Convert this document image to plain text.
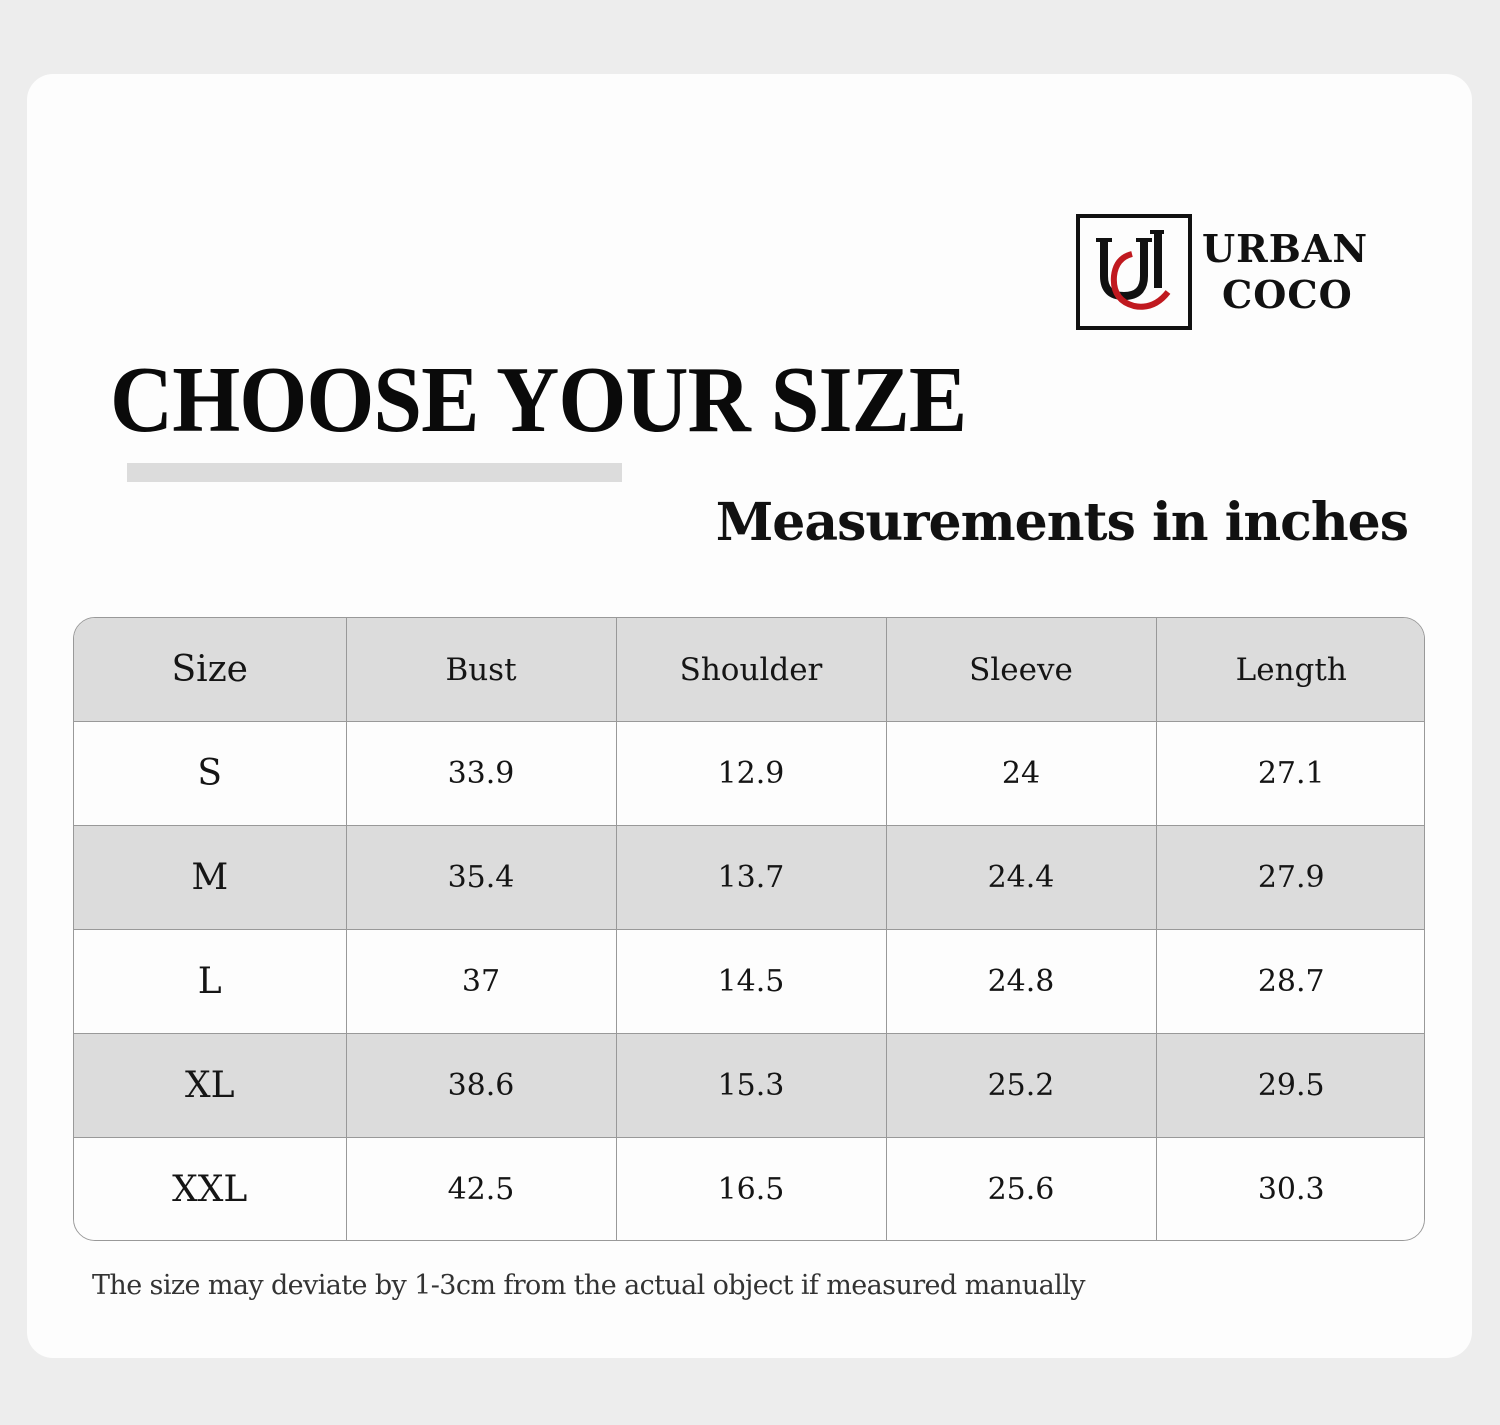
URBAN
COCO
CHOOSE YOUR SIZE
Measurements in inches
Size	Bust	Shoulder	Sleeve	Length
S	33.9	12.9	24	27.1
M	35.4	13.7	24.4	27.9
L	37	14.5	24.8	28.7
XL	38.6	15.3	25.2	29.5
XXL	42.5	16.5	25.6	30.3
The size may deviate by 1-3cm from the actual object if measured manually
